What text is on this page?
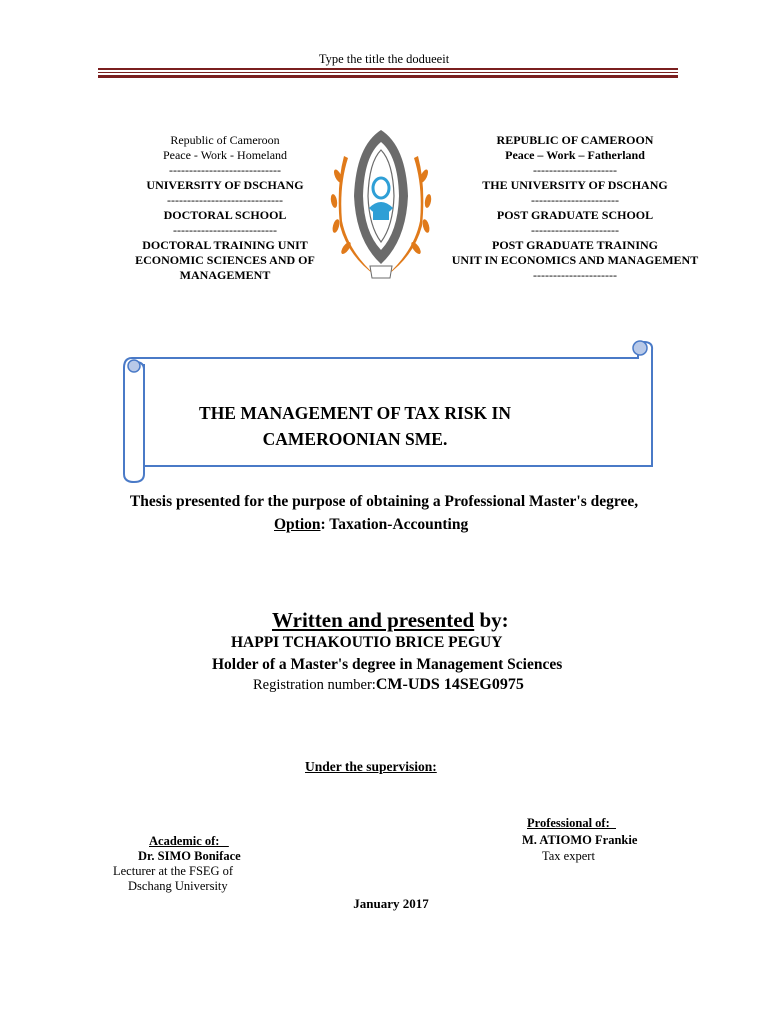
Type the title the dodueeit
Republic of Cameroon
Peace - Work - Homeland
----------------------------
UNIVERSITY OF DSCHANG
-----------------------------
DOCTORAL SCHOOL
--------------------------
DOCTORAL TRAINING UNIT
ECONOMIC SCIENCES AND OF
MANAGEMENT
REPUBLIC OF CAMEROON
Peace – Work – Fatherland
---------------------
THE UNIVERSITY OF DSCHANG
----------------------
POST GRADUATE SCHOOL
----------------------
POST GRADUATE TRAINING
UNIT IN ECONOMICS AND MANAGEMENT
---------------------
THE MANAGEMENT OF TAX RISK IN
CAMEROONIAN SME.
Thesis presented for the purpose of obtaining a Professional Master's degree,
Option: Taxation-Accounting
Written and presented by:
HAPPI TCHAKOUTIO BRICE PEGUY
Holder of a Master's degree in Management Sciences
Registration number:CM-UDS 14SEG0975
Under the supervision:
Professional of:
M. ATIOMO Frankie
Tax expert
Academic of:
Dr. SIMO Boniface
Lecturer at the FSEG of
Dschang University
January 2017
